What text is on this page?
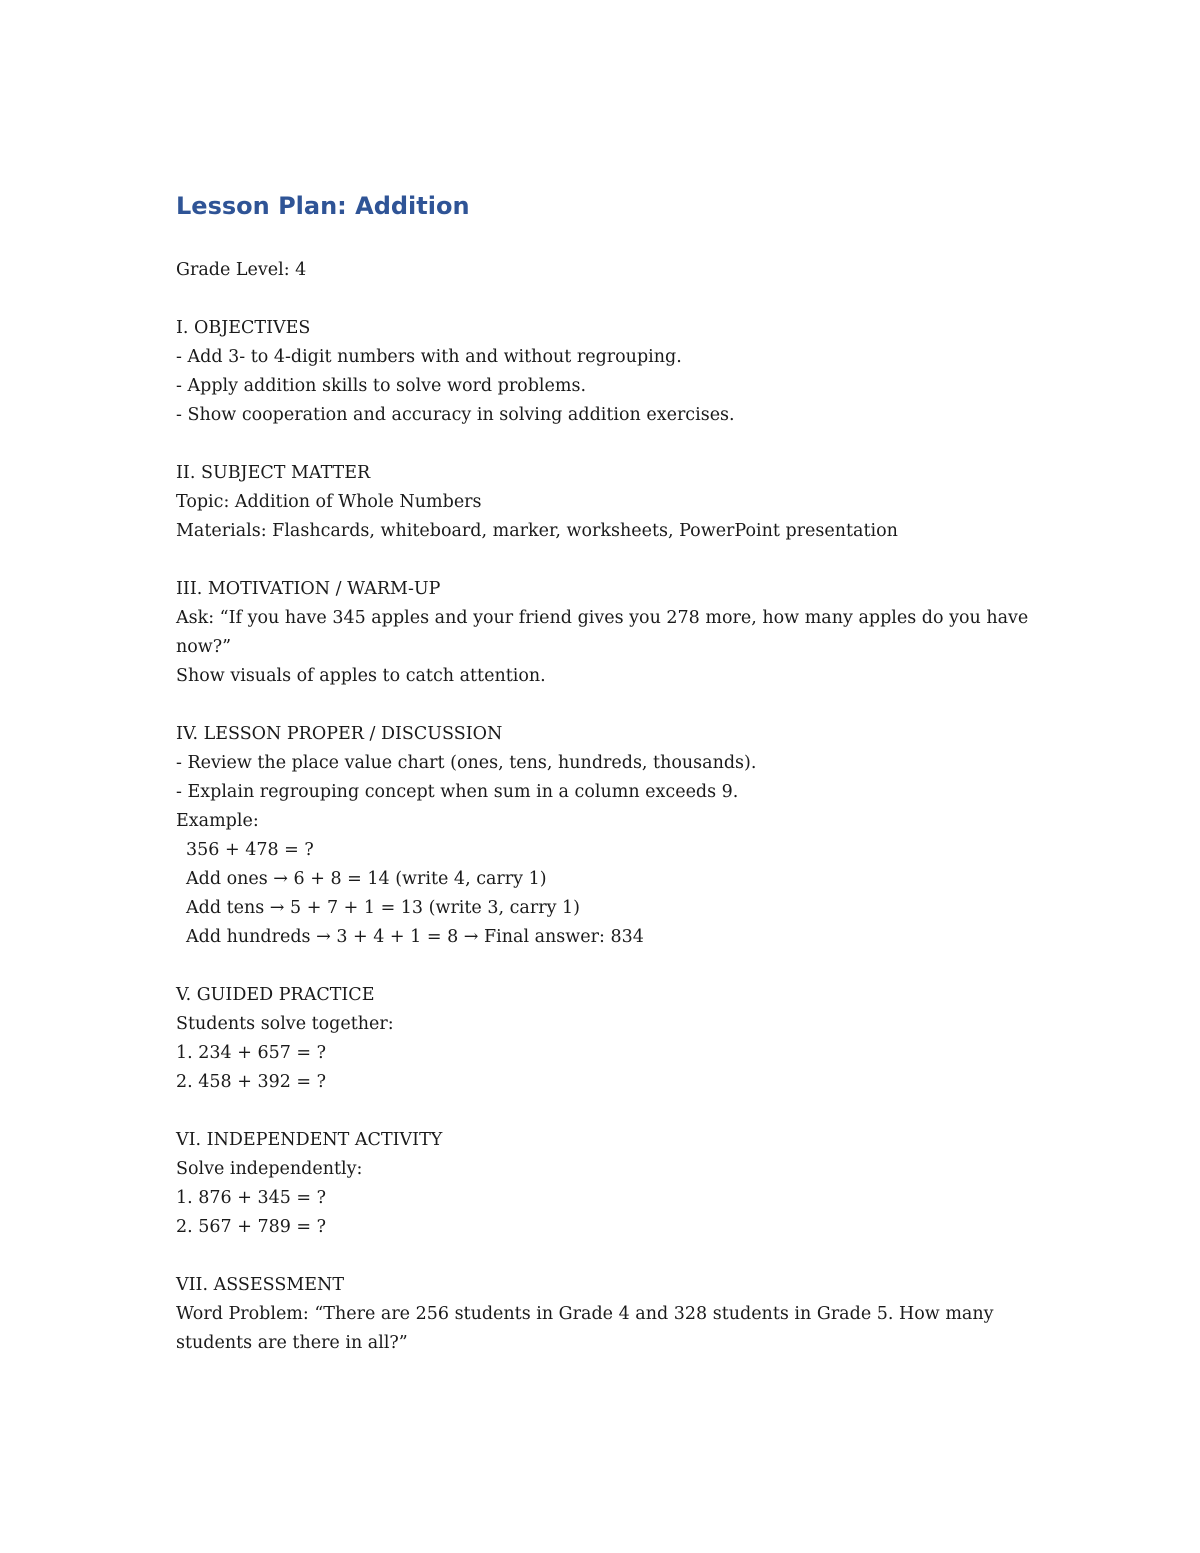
Lesson Plan: Addition
Grade Level: 4
I. OBJECTIVES
- Add 3- to 4-digit numbers with and without regrouping.
- Apply addition skills to solve word problems.
- Show cooperation and accuracy in solving addition exercises.
II. SUBJECT MATTER
Topic: Addition of Whole Numbers
Materials: Flashcards, whiteboard, marker, worksheets, PowerPoint presentation
III. MOTIVATION / WARM-UP
Ask: “If you have 345 apples and your friend gives you 278 more, how many apples do you have now?”
Show visuals of apples to catch attention.
IV. LESSON PROPER / DISCUSSION
- Review the place value chart (ones, tens, hundreds, thousands).
- Explain regrouping concept when sum in a column exceeds 9.
Example:
356 + 478 = ?
Add ones → 6 + 8 = 14 (write 4, carry 1)
Add tens → 5 + 7 + 1 = 13 (write 3, carry 1)
Add hundreds → 3 + 4 + 1 = 8 → Final answer: 834
V. GUIDED PRACTICE
Students solve together:
1. 234 + 657 = ?
2. 458 + 392 = ?
VI. INDEPENDENT ACTIVITY
Solve independently:
1. 876 + 345 = ?
2. 567 + 789 = ?
VII. ASSESSMENT
Word Problem: “There are 256 students in Grade 4 and 328 students in Grade 5. How many students are there in all?”
